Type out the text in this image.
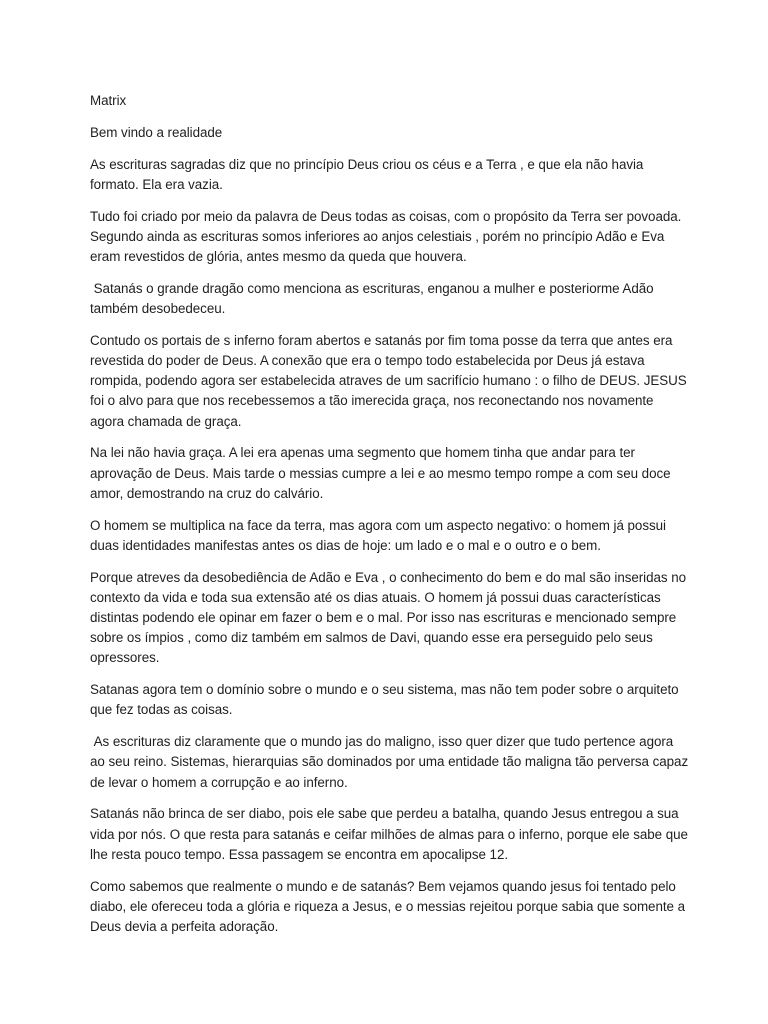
Matrix

Bem vindo a realidade

As escrituras sagradas diz que no princípio Deus criou os céus e a Terra , e que ela não havia formato. Ela era vazia.

Tudo foi criado por meio da palavra de Deus todas as coisas, com o propósito da Terra ser povoada. Segundo ainda as escrituras somos inferiores ao anjos celestiais , porém no princípio Adão e Eva eram revestidos de glória, antes mesmo da queda que houvera.

Satanás o grande dragão como menciona as escrituras, enganou a mulher e posteriorme Adão também desobedeceu.

Contudo os portais de s inferno foram abertos e satanás por fim toma posse da terra que antes era revestida do poder de Deus. A conexão que era o tempo todo estabelecida por Deus já estava rompida, podendo agora ser estabelecida atraves de um sacrifício humano : o filho de DEUS. JESUS foi o alvo para que nos recebessemos a tão imerecida graça, nos reconectando nos novamente agora chamada de graça.

Na lei não havia graça. A lei era apenas uma segmento que homem tinha que andar para ter aprovação de Deus. Mais tarde o messias cumpre a lei e ao mesmo tempo rompe a com seu doce amor, demostrando na cruz do calvário.

O homem se multiplica na face da terra, mas agora com um aspecto negativo: o homem já possui duas identidades manifestas antes os dias de hoje: um lado e o mal e o outro e o bem.

Porque atreves da desobediência de Adão e Eva , o conhecimento do bem e do mal são inseridas no contexto da vida e toda sua extensão até os dias atuais. O homem já possui duas características distintas podendo ele opinar em fazer o bem e o mal. Por isso nas escrituras e mencionado sempre sobre os ímpios , como diz também em salmos de Davi, quando esse era perseguido pelo seus opressores.

Satanas agora tem o domínio sobre o mundo e o seu sistema, mas não tem poder sobre o arquiteto que fez todas as coisas.

As escrituras diz claramente que o mundo jas do maligno, isso quer dizer que tudo pertence agora ao seu reino. Sistemas, hierarquias são dominados por uma entidade tão maligna tão perversa capaz de levar o homem a corrupção e ao inferno.

Satanás não brinca de ser diabo, pois ele sabe que perdeu a batalha, quando Jesus entregou a sua vida por nós. O que resta para satanás e ceifar milhões de almas para o inferno, porque ele sabe que lhe resta pouco tempo. Essa passagem se encontra em apocalipse 12.

Como sabemos que realmente o mundo e de satanás? Bem vejamos quando jesus foi tentado pelo diabo, ele ofereceu toda a glória e riqueza a Jesus, e o messias rejeitou porque sabia que somente a Deus devia a perfeita adoração.
